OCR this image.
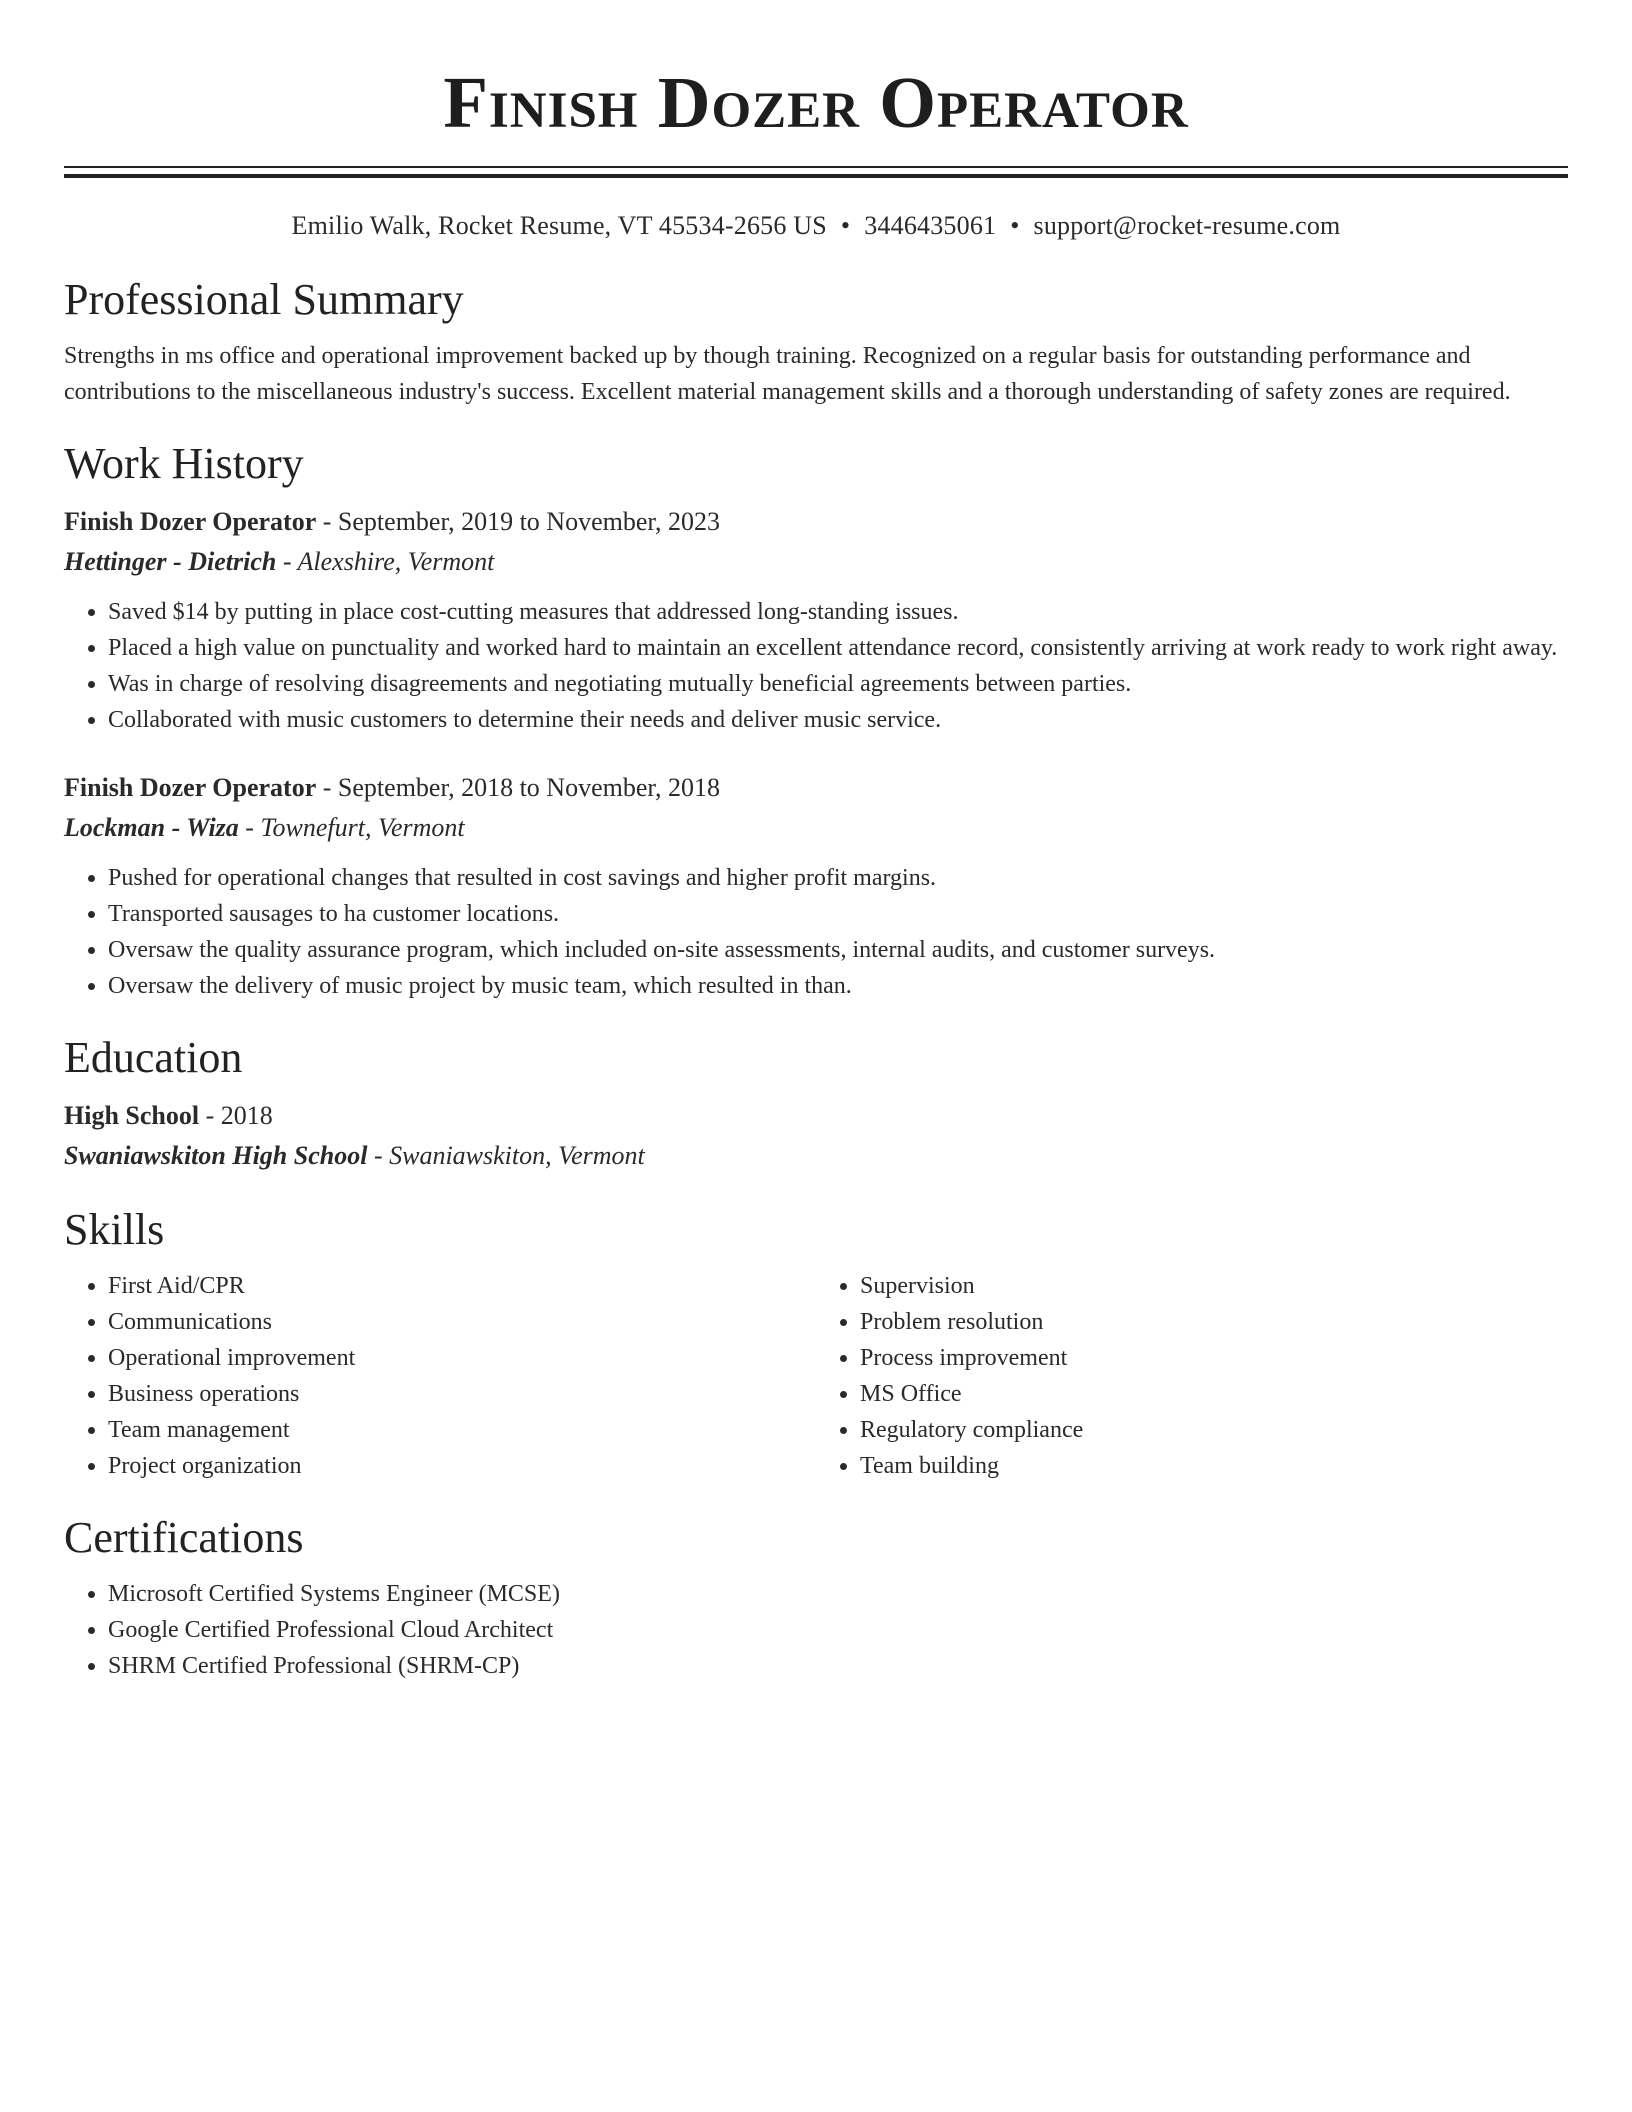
Finish Dozer Operator
Emilio Walk, Rocket Resume, VT 45534-2656 US • 3446435061 • support@rocket-resume.com
Professional Summary

Strengths in ms office and operational improvement backed up by though training. Recognized on a regular basis for outstanding performance and contributions to the miscellaneous industry's success. Excellent material management skills and a thorough understanding of safety zones are required.

Work History
Finish Dozer Operator - September, 2019 to November, 2023
Hettinger - Dietrich - Alexshire, Vermont
• Saved $14 by putting in place cost-cutting measures that addressed long-standing issues.
• Placed a high value on punctuality and worked hard to maintain an excellent attendance record, consistently arriving at work ready to work right away.
• Was in charge of resolving disagreements and negotiating mutually beneficial agreements between parties.
• Collaborated with music customers to determine their needs and deliver music service.
Finish Dozer Operator - September, 2018 to November, 2018
Lockman - Wiza - Townefurt, Vermont
• Pushed for operational changes that resulted in cost savings and higher profit margins.
• Transported sausages to ha customer locations.
• Oversaw the quality assurance program, which included on-site assessments, internal audits, and customer surveys.
• Oversaw the delivery of music project by music team, which resulted in than.
Education
High School - 2018
Swaniawskiton High School - Swaniawskiton, Vermont
Skills
• First Aid/CPR
• Communications
• Operational improvement
• Business operations
• Team management
• Project organization
• Supervision
• Problem resolution
• Process improvement
• MS Office
• Regulatory compliance
• Team building
Certifications
• Microsoft Certified Systems Engineer (MCSE)
• Google Certified Professional Cloud Architect
• SHRM Certified Professional (SHRM-CP)
